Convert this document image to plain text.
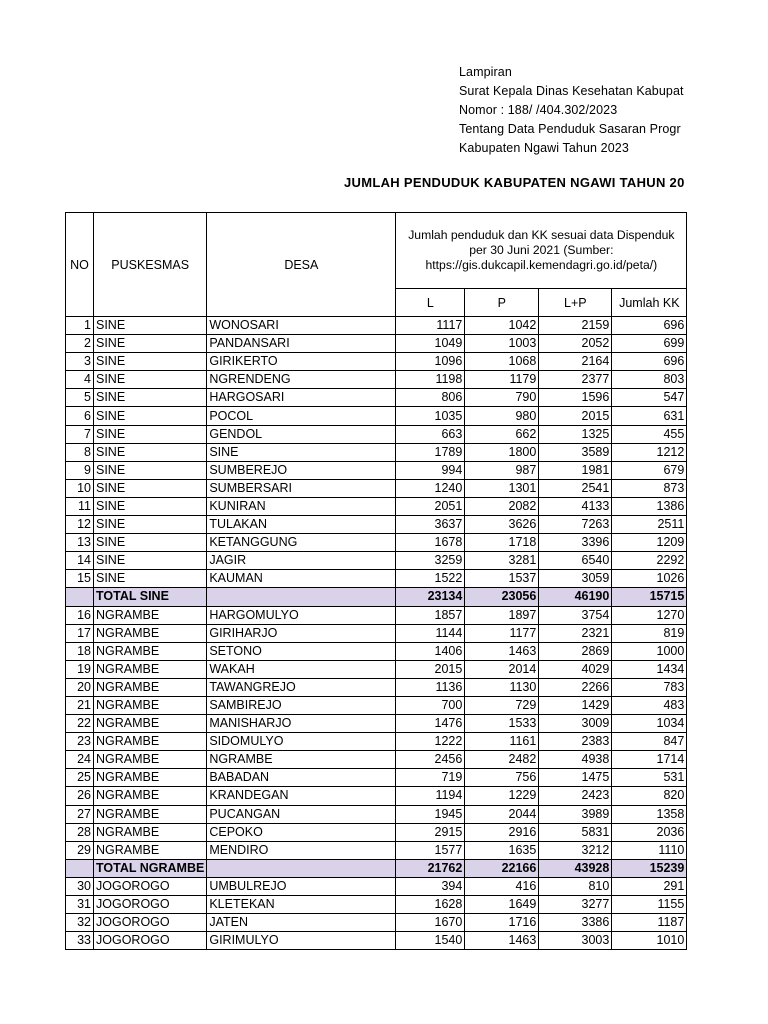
Lampiran
Surat Kepala Dinas Kesehatan Kabupat
Nomor : 188/ /404.302/2023
Tentang Data Penduduk Sasaran Progr
Kabupaten Ngawi Tahun 2023
JUMLAH PENDUDUK KABUPATEN NGAWI TAHUN 20
NO	PUSKESMAS	DESA	Jumlah penduduk dan KK sesuai data Dispenduk per 30 Juni 2021 (Sumber: https://gis.dukcapil.kemendagri.go.id/peta/)			
			L	P	L+P	Jumlah KK
1	SINE	WONOSARI	1117	1042	2159	696
2	SINE	PANDANSARI	1049	1003	2052	699
3	SINE	GIRIKERTO	1096	1068	2164	696
4	SINE	NGRENDENG	1198	1179	2377	803
5	SINE	HARGOSARI	806	790	1596	547
6	SINE	POCOL	1035	980	2015	631
7	SINE	GENDOL	663	662	1325	455
8	SINE	SINE	1789	1800	3589	1212
9	SINE	SUMBEREJO	994	987	1981	679
10	SINE	SUMBERSARI	1240	1301	2541	873
11	SINE	KUNIRAN	2051	2082	4133	1386
12	SINE	TULAKAN	3637	3626	7263	2511
13	SINE	KETANGGUNG	1678	1718	3396	1209
14	SINE	JAGIR	3259	3281	6540	2292
15	SINE	KAUMAN	1522	1537	3059	1026
	TOTAL SINE		23134	23056	46190	15715
16	NGRAMBE	HARGOMULYO	1857	1897	3754	1270
17	NGRAMBE	GIRIHARJO	1144	1177	2321	819
18	NGRAMBE	SETONO	1406	1463	2869	1000
19	NGRAMBE	WAKAH	2015	2014	4029	1434
20	NGRAMBE	TAWANGREJO	1136	1130	2266	783
21	NGRAMBE	SAMBIREJO	700	729	1429	483
22	NGRAMBE	MANISHARJO	1476	1533	3009	1034
23	NGRAMBE	SIDOMULYO	1222	1161	2383	847
24	NGRAMBE	NGRAMBE	2456	2482	4938	1714
25	NGRAMBE	BABADAN	719	756	1475	531
26	NGRAMBE	KRANDEGAN	1194	1229	2423	820
27	NGRAMBE	PUCANGAN	1945	2044	3989	1358
28	NGRAMBE	CEPOKO	2915	2916	5831	2036
29	NGRAMBE	MENDIRO	1577	1635	3212	1110
	TOTAL NGRAMBE		21762	22166	43928	15239
30	JOGOROGO	UMBULREJO	394	416	810	291
31	JOGOROGO	KLETEKAN	1628	1649	3277	1155
32	JOGOROGO	JATEN	1670	1716	3386	1187
33	JOGOROGO	GIRIMULYO	1540	1463	3003	1010
